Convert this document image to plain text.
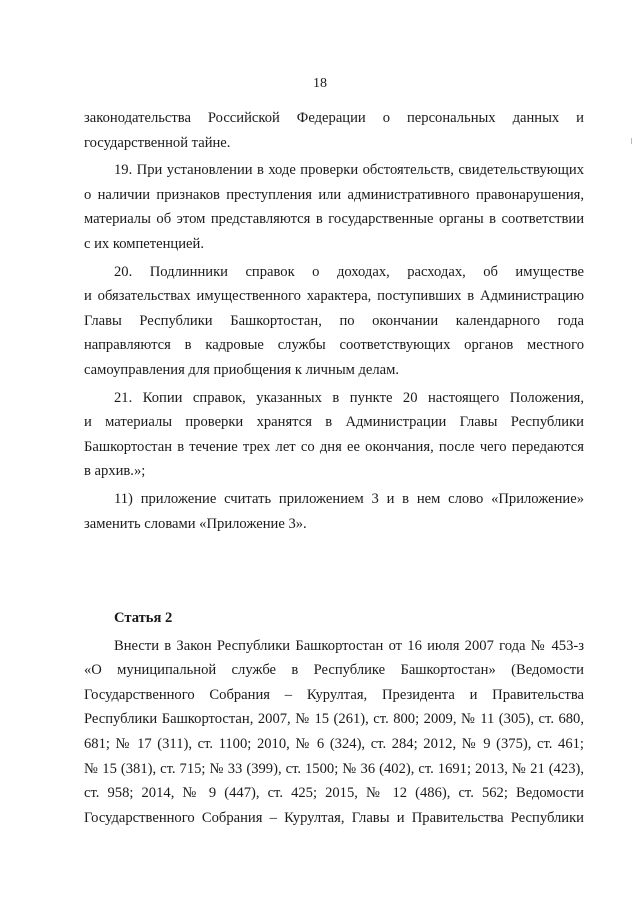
18
законодательства Российской Федерации о персональных данных и
государственной тайне.
19. При установлении в ходе проверки обстоятельств, свидетельствующих
о наличии признаков преступления или административного правонарушения,
материалы об этом представляются в государственные органы в соответствии
с их компетенцией.
20. Подлинники справок о доходах, расходах, об имуществе
и обязательствах имущественного характера, поступивших в Администрацию
Главы Республики Башкортостан, по окончании календарного года
направляются в кадровые службы соответствующих органов местного
самоуправления для приобщения к личным делам.
21. Копии справок, указанных в пункте 20 настоящего Положения,
и материалы проверки хранятся в Администрации Главы Республики
Башкортостан в течение трех лет со дня ее окончания, после чего передаются
в архив.»;
11) приложение считать приложением 3 и в нем слово «Приложение»
заменить словами «Приложение 3».
Статья 2
Внести в Закон Республики Башкортостан от 16 июля 2007 года № 453-з
«О муниципальной службе в Республике Башкортостан» (Ведомости
Государственного Собрания – Курултая, Президента и Правительства
Республики Башкортостан, 2007, № 15 (261), ст. 800; 2009, № 11 (305), ст. 680,
681; № 17 (311), ст. 1100; 2010, № 6 (324), ст. 284; 2012, № 9 (375), ст. 461;
№ 15 (381), ст. 715; № 33 (399), ст. 1500; № 36 (402), ст. 1691; 2013, № 21 (423),
ст. 958; 2014, № 9 (447), ст. 425; 2015, № 12 (486), ст. 562; Ведомости
Государственного Собрания – Курултая, Главы и Правительства Республики
